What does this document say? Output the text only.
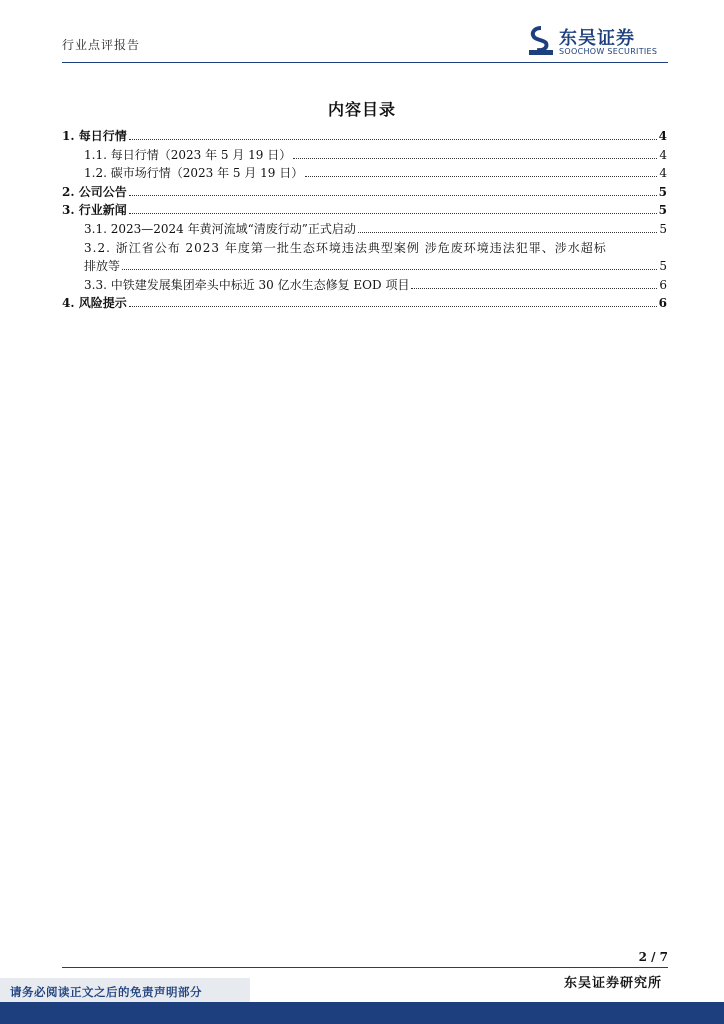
行业点评报告	东吴证券
SOOCHOW SECURITIES
内容目录
1. 每日行情	4
1.1. 每日行情（2023 年 5 月 19 日）	4
1.2. 碳市场行情（2023 年 5 月 19 日）	4
2. 公司公告	5
3. 行业新闻	5
3.1. 2023—2024 年黄河流域“清废行动”正式启动	5
3.2. 浙江省公布 2023 年度第一批生态环境违法典型案例 涉危废环境违法犯罪、涉水超标
排放等	5
3.3. 中铁建发展集团牵头中标近 30 亿水生态修复 EOD 项目	6
4. 风险提示	6
2 / 7
东吴证券研究所
请务必阅读正文之后的免责声明部分
